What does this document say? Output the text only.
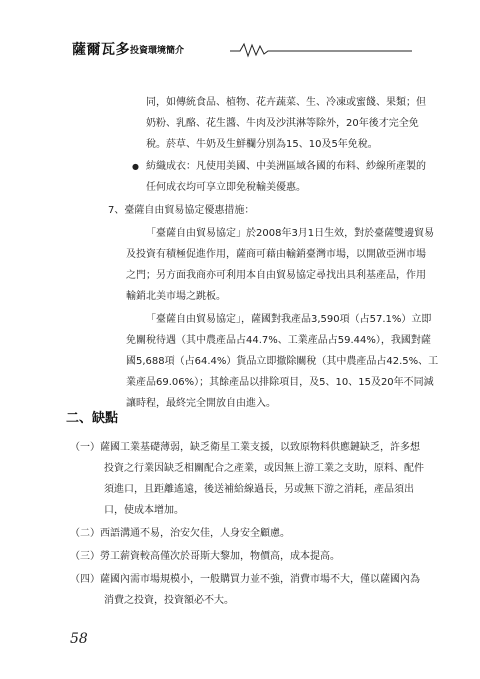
薩爾瓦多 投資環境簡介
同，如傳統食品、植物、花卉蔬菜、生、冷凍或蜜餞、果類；但
奶粉、乳酪、花生醬、牛肉及沙淇淋等除外，20年後才完全免
稅。菸草、牛奶及生鮮欄分別為15、10及5年免稅。
● 紡織成衣：凡使用美國、中美洲區域各國的布料、紗線所產製的
任何成衣均可享立即免稅輸美優惠。
7、臺薩自由貿易協定優惠措施：
「臺薩自由貿易協定」於2008年3月1日生效，對於臺薩雙邊貿易
及投資有積極促進作用，薩商可藉由輸銷臺灣市場，以開啟亞洲市場
之門；另方面我商亦可利用本自由貿易協定尋找出具利基產品，作用
輸銷北美市場之跳板。
「臺薩自由貿易協定」，薩國對我產品3,590項（占57.1%）立即
免關稅待遇（其中農產品占44.7%、工業產品占59.44%），我國對薩
國5,688項（占64.4%）貨品立即撤除關稅（其中農產品占42.5%、工
業產品69.06%）；其餘產品以排除項目，及5、10、15及20年不同減
讓時程，最終完全開放自由進入。
二、缺點
（一）薩國工業基礎薄弱，缺乏衛星工業支援，以致原物料供應鏈缺乏，許多想
投資之行業因缺乏相關配合之產業，或因無上游工業之支助，原料、配件
須進口，且距離遙遠，後送補給線過長，另或無下游之消耗，產品須出
口，使成本增加。
（二）西語溝通不易，治安欠佳，人身安全顧慮。
（三）勞工薪資較高僅次於哥斯大黎加，物價高，成本提高。
（四）薩國內需市場規模小，一般購買力並不強，消費市場不大，僅以薩國內為
消費之投資，投資額必不大。
58
